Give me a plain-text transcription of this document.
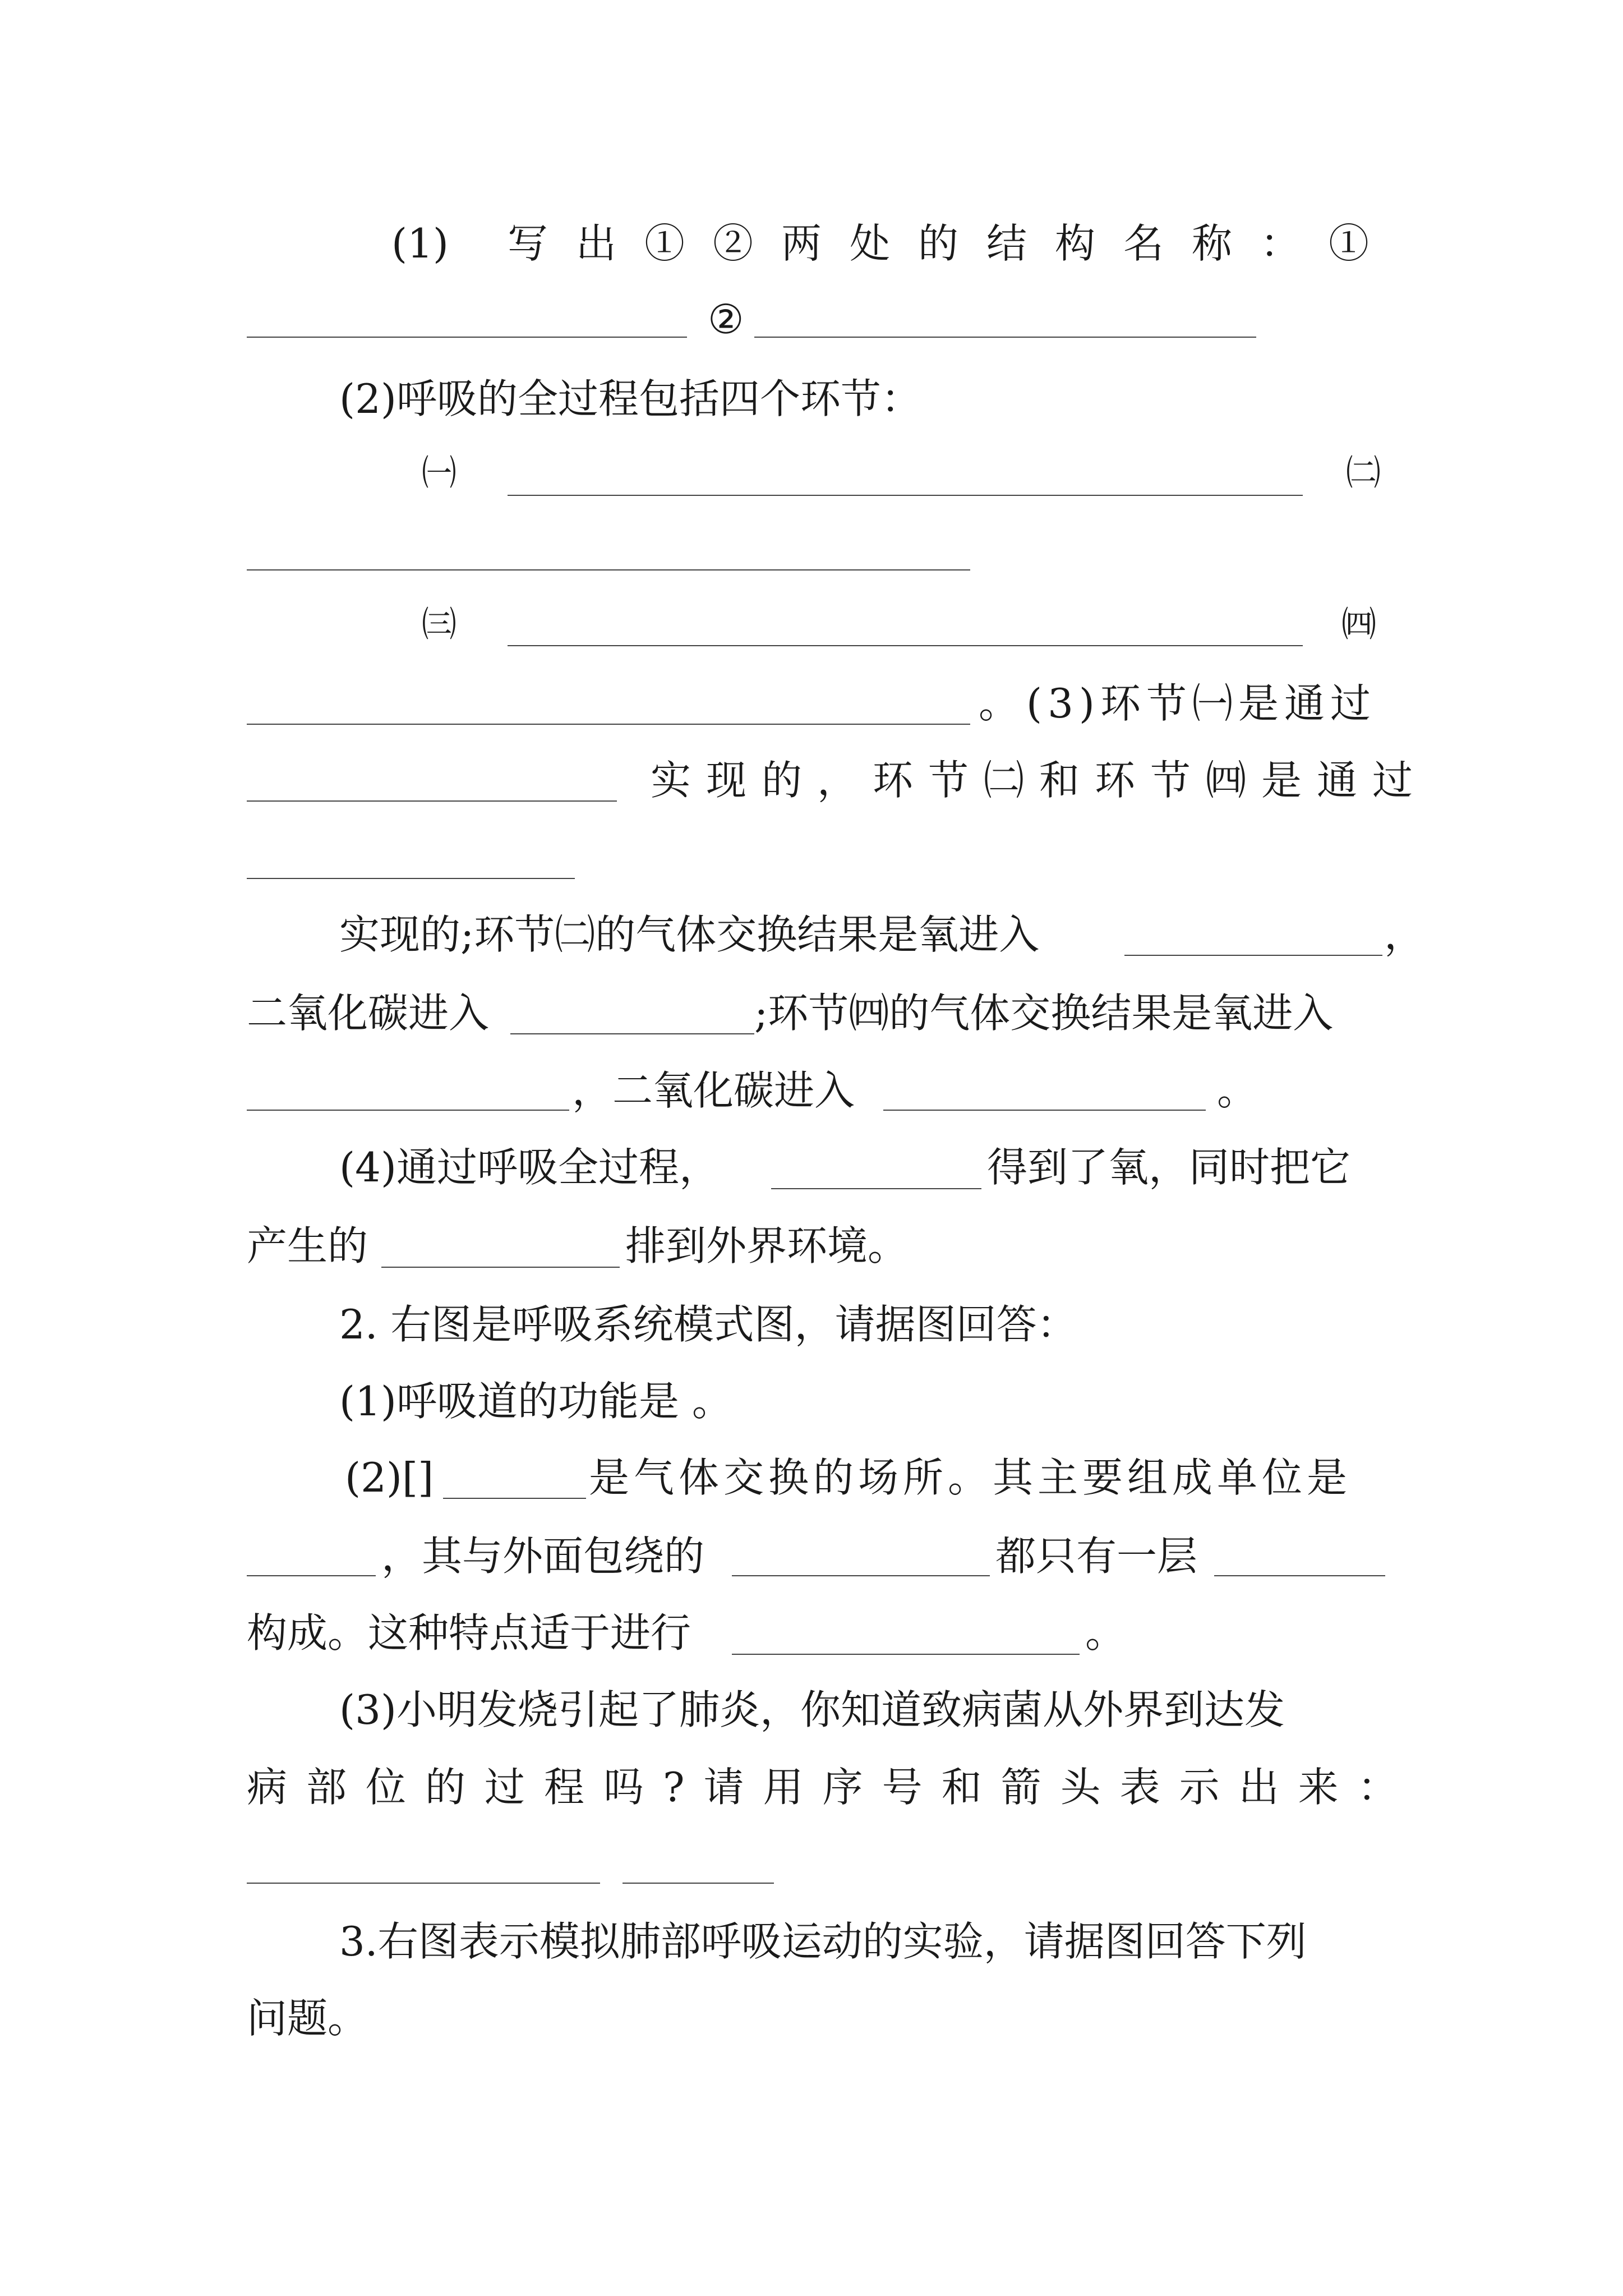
(1) 写出①②两处的结构名称：①
②
(2)呼吸的全过程包括四个环节：
㈠	㈡
㈢	㈣
。 (3)环节㈠是通过
实现的，环节㈡和环节㈣是通过
实现的;环节㈡的气体交换结果是氧进入	，
二氧化碳进入	;环节㈣的气体交换结果是氧进入
，二氧化碳进入	。
(4)通过呼吸全过程，	得到了氧，同时把它
产生的	排到外界环境。
2. 右图是呼吸系统模式图，请据图回答：
(1)呼吸道的功能是 。
(2)[]	是气体交换的场所。其主要组成单位是
，其与外面包绕的	都只有一层
构成。这种特点适于进行	。
(3)小明发烧引起了肺炎，你知道致病菌从外界到达发
病部位的过程吗?请用序号和箭头表示出来：
3.右图表示模拟肺部呼吸运动的实验，请据图回答下列
问题。
